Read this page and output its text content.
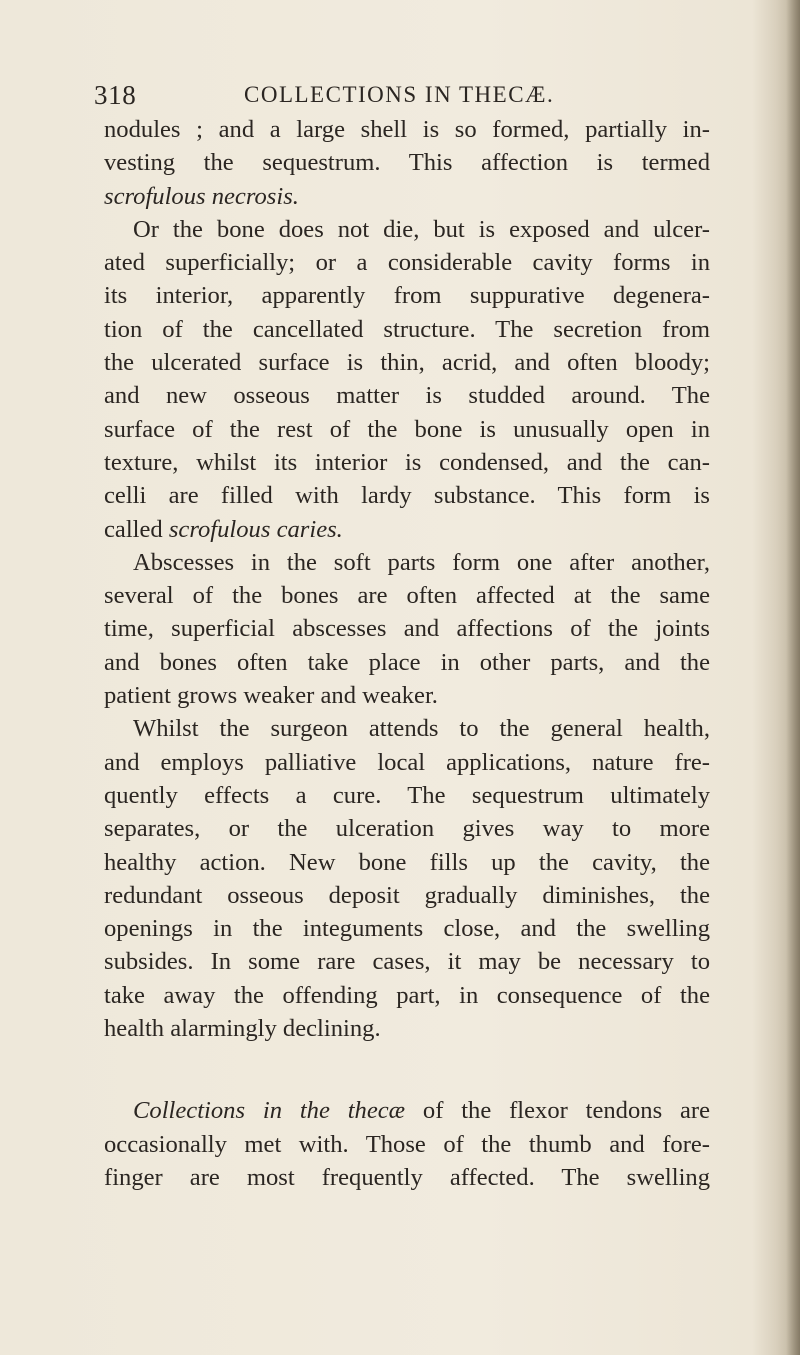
318	COLLECTIONS IN THECÆ.
nodules ; and a large shell is so formed, partially in-
vesting the sequestrum. This affection is termed
scrofulous necrosis.
Or the bone does not die, but is exposed and ulcer-
ated superficially; or a considerable cavity forms in
its interior, apparently from suppurative degenera-
tion of the cancellated structure. The secretion from
the ulcerated surface is thin, acrid, and often bloody;
and new osseous matter is studded around. The
surface of the rest of the bone is unusually open in
texture, whilst its interior is condensed, and the can-
celli are filled with lardy substance. This form is
called scrofulous caries.
Abscesses in the soft parts form one after another,
several of the bones are often affected at the same
time, superficial abscesses and affections of the joints
and bones often take place in other parts, and the
patient grows weaker and weaker.
Whilst the surgeon attends to the general health,
and employs palliative local applications, nature fre-
quently effects a cure. The sequestrum ultimately
separates, or the ulceration gives way to more
healthy action. New bone fills up the cavity, the
redundant osseous deposit gradually diminishes, the
openings in the integuments close, and the swelling
subsides. In some rare cases, it may be necessary to
take away the offending part, in consequence of the
health alarmingly declining.
Collections in the thecæ of the flexor tendons are
occasionally met with. Those of the thumb and fore-
finger are most frequently affected. The swelling
